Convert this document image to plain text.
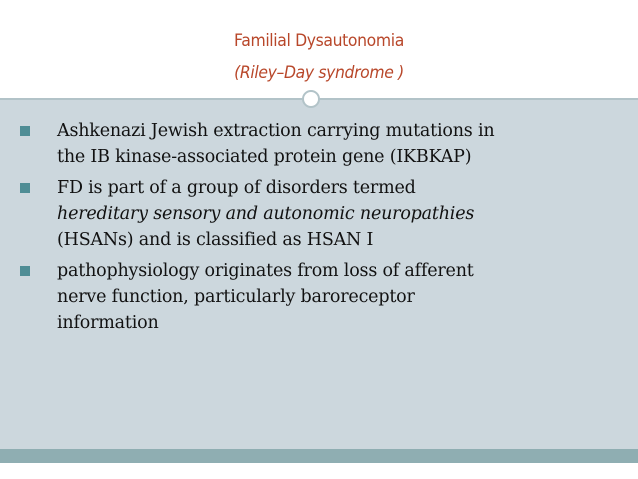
Familial Dysautonomia
(Riley–Day syndrome )
Ashkenazi Jewish extraction carrying mutations in
the IB kinase-associated protein gene (IKBKAP)
FD is part of a group of disorders termed
hereditary sensory and autonomic neuropathies
(HSANs) and is classified as HSAN I
pathophysiology originates from loss of afferent
nerve function, particularly baroreceptor
information
